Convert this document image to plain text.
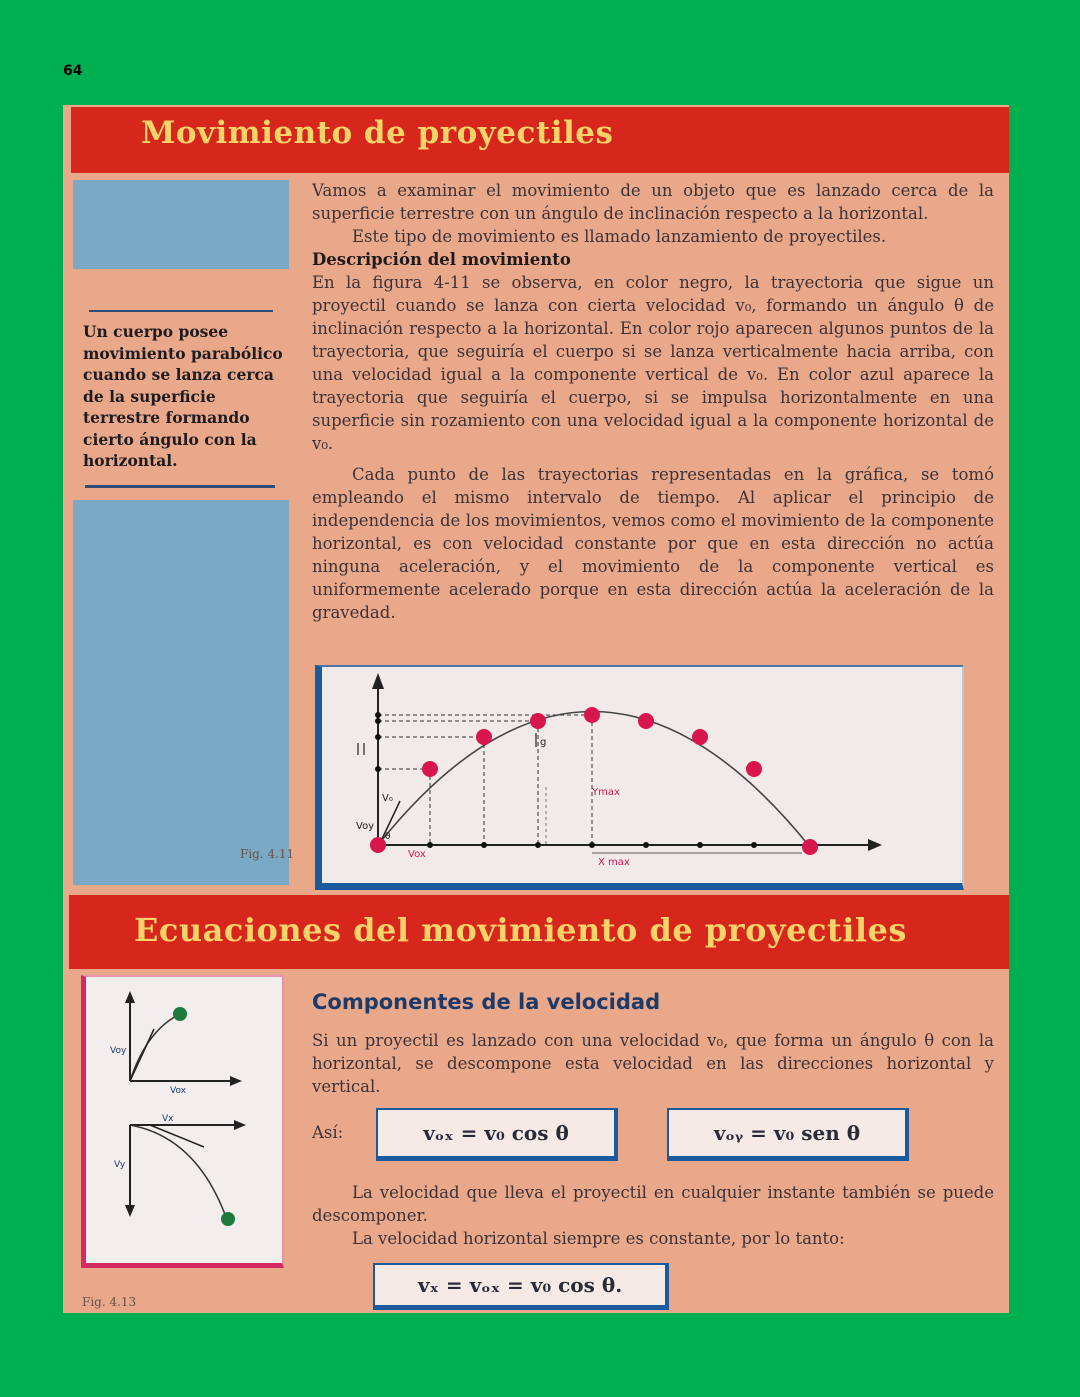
64
Movimiento de proyectiles
Un cuerpo posee movimiento parabólico cuando se lanza cerca de la superficie terrestre formando cierto ángulo con la horizontal.
Fig. 4.11

Vamos a examinar el movimiento de un objeto que es lanzado cerca de la superficie terrestre con un ángulo de inclinación respecto a la horizontal.

Este tipo de movimiento es llamado lanzamiento de proyectiles.

Descripción del movimiento

En la figura 4-11 se observa, en color negro, la trayectoria que sigue un proyectil cuando se lanza con cierta velocidad v₀, formando un ángulo θ de inclinación respecto a la horizontal. En color rojo aparecen algunos puntos de la trayectoria, que seguiría el cuerpo si se lanza verticalmente hacia arriba, con una velocidad igual a la componente vertical de v₀. En color azul aparece la trayectoria que seguiría el cuerpo, si se impulsa horizontalmente en una superficie sin rozamiento con una velocidad igual a la componente horizontal de v₀.

Cada punto de las trayectorias representadas en la gráfica, se tomó empleando el mismo intervalo de tiempo. Al aplicar el principio de independencia de los movimientos, vemos como el movimiento de la componente horizontal, es con velocidad constante por que en esta dirección no actúa ninguna aceleración, y el movimiento de la componente vertical es uniformemente acelerado porque en esta dirección actúa la aceleración de la gravedad.

V₀
Voy
Vox
Ymax
X max
g
θ
Ecuaciones del movimiento de proyectiles
Voy
Vox
Vx
Vy
Fig. 4.13
Componentes de la velocidad

Si un proyectil es lanzado con una velocidad v₀, que forma un ángulo θ con la horizontal, se descompone esta velocidad en las direcciones horizontal y vertical.

Así:	vₒₓ = v₀ cos θ	vₒᵧ = v₀ sen θ

La velocidad que lleva el proyectil en cualquier instante también se puede descomponer.

La velocidad horizontal siempre es constante, por lo tanto:

vₓ = vₒₓ = v₀ cos θ.
